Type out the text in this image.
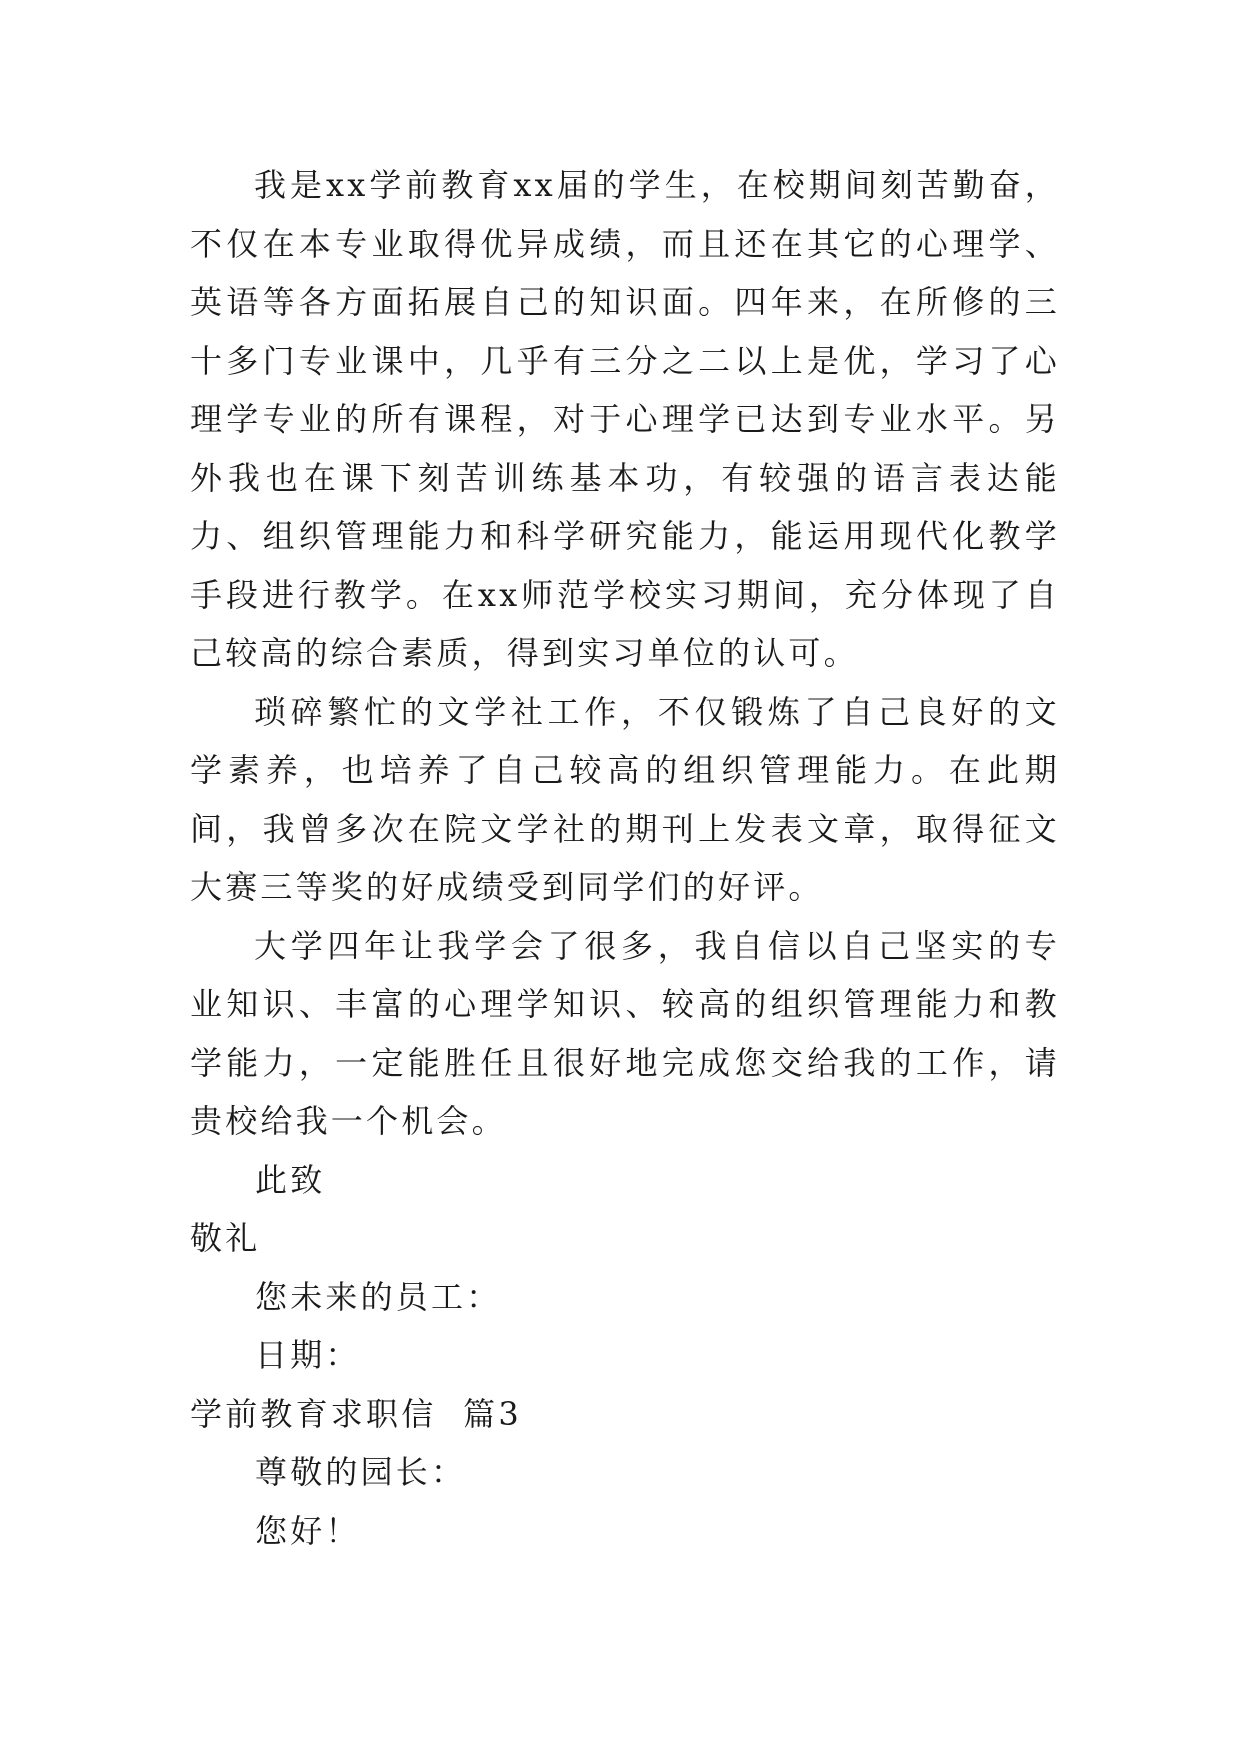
我是xx学前教育xx届的学生，在校期间刻苦勤奋，不仅在本专业取得优异成绩，而且还在其它的心理学、英语等各方面拓展自己的知识面。四年来，在所修的三十多门专业课中，几乎有三分之二以上是优，学习了心理学专业的所有课程，对于心理学已达到专业水平。另外我也在课下刻苦训练基本功，有较强的语言表达能力、组织管理能力和科学研究能力，能运用现代化教学手段进行教学。在xx师范学校实习期间，充分体现了自己较高的综合素质，得到实习单位的认可。

琐碎繁忙的文学社工作，不仅锻炼了自己良好的文学素养，也培养了自己较高的组织管理能力。在此期间，我曾多次在院文学社的期刊上发表文章，取得征文大赛三等奖的好成绩受到同学们的好评。

大学四年让我学会了很多，我自信以自己坚实的专业知识、丰富的心理学知识、较高的组织管理能力和教学能力，一定能胜任且很好地完成您交给我的工作，请贵校给我一个机会。

此致

敬礼

您未来的员工：

日期：

学前教育求职信  篇3

尊敬的园长：

您好！
